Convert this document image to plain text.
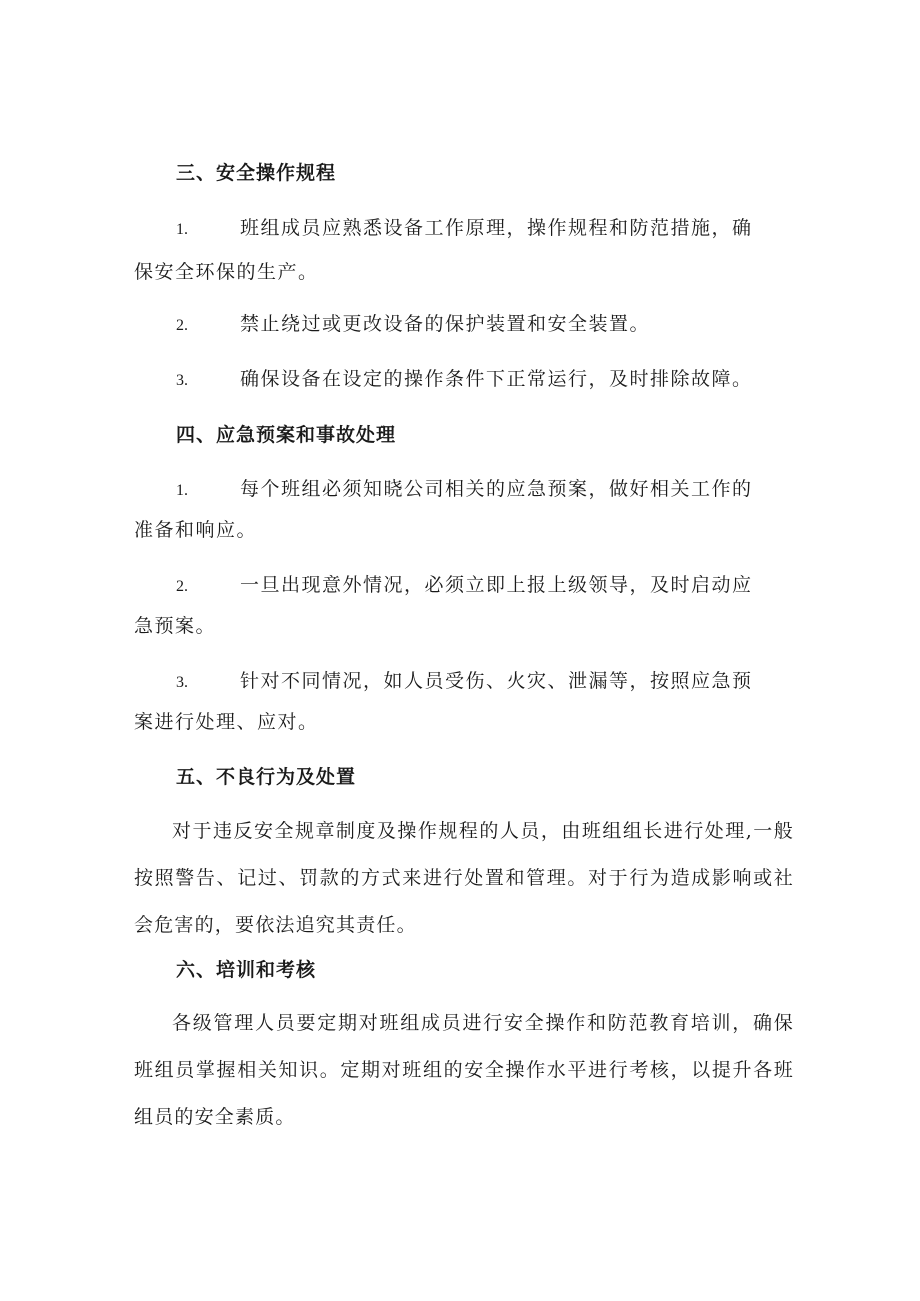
三、安全操作规程
1.	班组成员应熟悉设备工作原理，操作规程和防范措施，确
保安全环保的生产。
2.	禁止绕过或更改设备的保护装置和安全装置。
3.	确保设备在设定的操作条件下正常运行，及时排除故障。
四、应急预案和事故处理
1.	每个班组必须知晓公司相关的应急预案，做好相关工作的
准备和响应。
2.	一旦出现意外情况，必须立即上报上级领导，及时启动应
急预案。
3.	针对不同情况，如人员受伤、火灾、泄漏等，按照应急预
案进行处理、应对。
五、不良行为及处置
对于违反安全规章制度及操作规程的人员，由班组组长进行处理,一般按照警告、记过、罚款的方式来进行处置和管理。对于行为造成影响或社会危害的，要依法追究其责任。
六、培训和考核
各级管理人员要定期对班组成员进行安全操作和防范教育培训，确保班组员掌握相关知识。定期对班组的安全操作水平进行考核，以提升各班组员的安全素质。
